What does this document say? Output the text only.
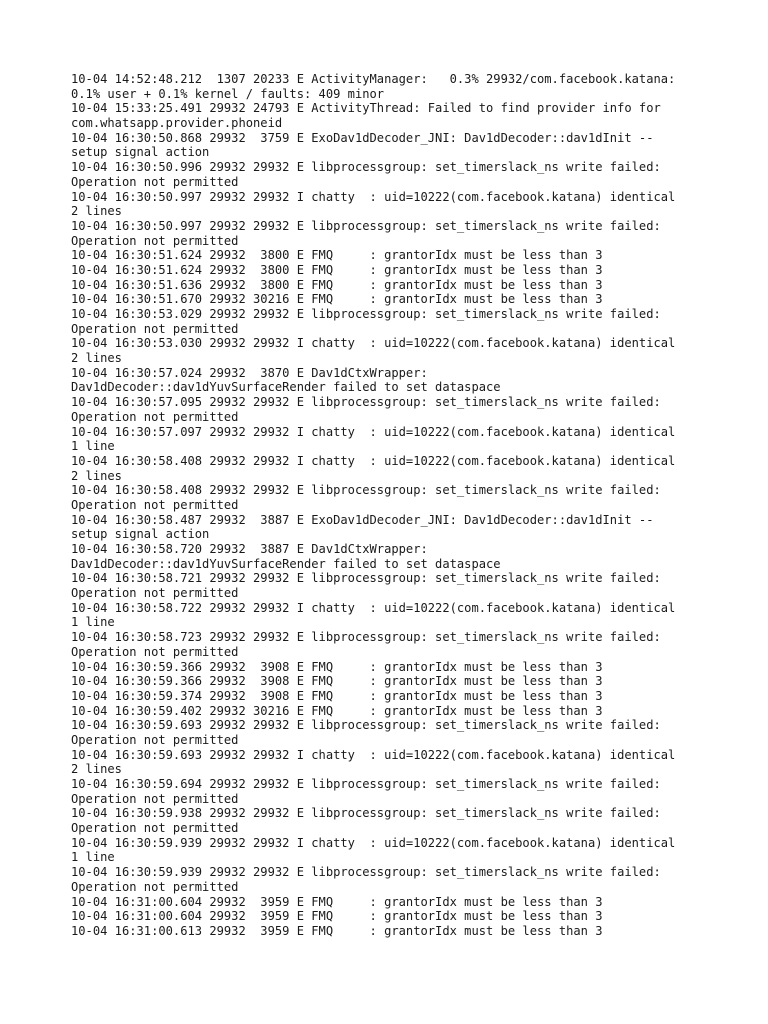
10-04 14:52:48.212  1307 20233 E ActivityManager:   0.3% 29932/com.facebook.katana:
0.1% user + 0.1% kernel / faults: 409 minor
10-04 15:33:25.491 29932 24793 E ActivityThread: Failed to find provider info for
com.whatsapp.provider.phoneid
10-04 16:30:50.868 29932  3759 E ExoDav1dDecoder_JNI: Dav1dDecoder::dav1dInit --
setup signal action
10-04 16:30:50.996 29932 29932 E libprocessgroup: set_timerslack_ns write failed:
Operation not permitted
10-04 16:30:50.997 29932 29932 I chatty  : uid=10222(com.facebook.katana) identical
2 lines
10-04 16:30:50.997 29932 29932 E libprocessgroup: set_timerslack_ns write failed:
Operation not permitted
10-04 16:30:51.624 29932  3800 E FMQ     : grantorIdx must be less than 3
10-04 16:30:51.624 29932  3800 E FMQ     : grantorIdx must be less than 3
10-04 16:30:51.636 29932  3800 E FMQ     : grantorIdx must be less than 3
10-04 16:30:51.670 29932 30216 E FMQ     : grantorIdx must be less than 3
10-04 16:30:53.029 29932 29932 E libprocessgroup: set_timerslack_ns write failed:
Operation not permitted
10-04 16:30:53.030 29932 29932 I chatty  : uid=10222(com.facebook.katana) identical
2 lines
10-04 16:30:57.024 29932  3870 E Dav1dCtxWrapper:
Dav1dDecoder::dav1dYuvSurfaceRender failed to set dataspace
10-04 16:30:57.095 29932 29932 E libprocessgroup: set_timerslack_ns write failed:
Operation not permitted
10-04 16:30:57.097 29932 29932 I chatty  : uid=10222(com.facebook.katana) identical
1 line
10-04 16:30:58.408 29932 29932 I chatty  : uid=10222(com.facebook.katana) identical
2 lines
10-04 16:30:58.408 29932 29932 E libprocessgroup: set_timerslack_ns write failed:
Operation not permitted
10-04 16:30:58.487 29932  3887 E ExoDav1dDecoder_JNI: Dav1dDecoder::dav1dInit --
setup signal action
10-04 16:30:58.720 29932  3887 E Dav1dCtxWrapper:
Dav1dDecoder::dav1dYuvSurfaceRender failed to set dataspace
10-04 16:30:58.721 29932 29932 E libprocessgroup: set_timerslack_ns write failed:
Operation not permitted
10-04 16:30:58.722 29932 29932 I chatty  : uid=10222(com.facebook.katana) identical
1 line
10-04 16:30:58.723 29932 29932 E libprocessgroup: set_timerslack_ns write failed:
Operation not permitted
10-04 16:30:59.366 29932  3908 E FMQ     : grantorIdx must be less than 3
10-04 16:30:59.366 29932  3908 E FMQ     : grantorIdx must be less than 3
10-04 16:30:59.374 29932  3908 E FMQ     : grantorIdx must be less than 3
10-04 16:30:59.402 29932 30216 E FMQ     : grantorIdx must be less than 3
10-04 16:30:59.693 29932 29932 E libprocessgroup: set_timerslack_ns write failed:
Operation not permitted
10-04 16:30:59.693 29932 29932 I chatty  : uid=10222(com.facebook.katana) identical
2 lines
10-04 16:30:59.694 29932 29932 E libprocessgroup: set_timerslack_ns write failed:
Operation not permitted
10-04 16:30:59.938 29932 29932 E libprocessgroup: set_timerslack_ns write failed:
Operation not permitted
10-04 16:30:59.939 29932 29932 I chatty  : uid=10222(com.facebook.katana) identical
1 line
10-04 16:30:59.939 29932 29932 E libprocessgroup: set_timerslack_ns write failed:
Operation not permitted
10-04 16:31:00.604 29932  3959 E FMQ     : grantorIdx must be less than 3
10-04 16:31:00.604 29932  3959 E FMQ     : grantorIdx must be less than 3
10-04 16:31:00.613 29932  3959 E FMQ     : grantorIdx must be less than 3
